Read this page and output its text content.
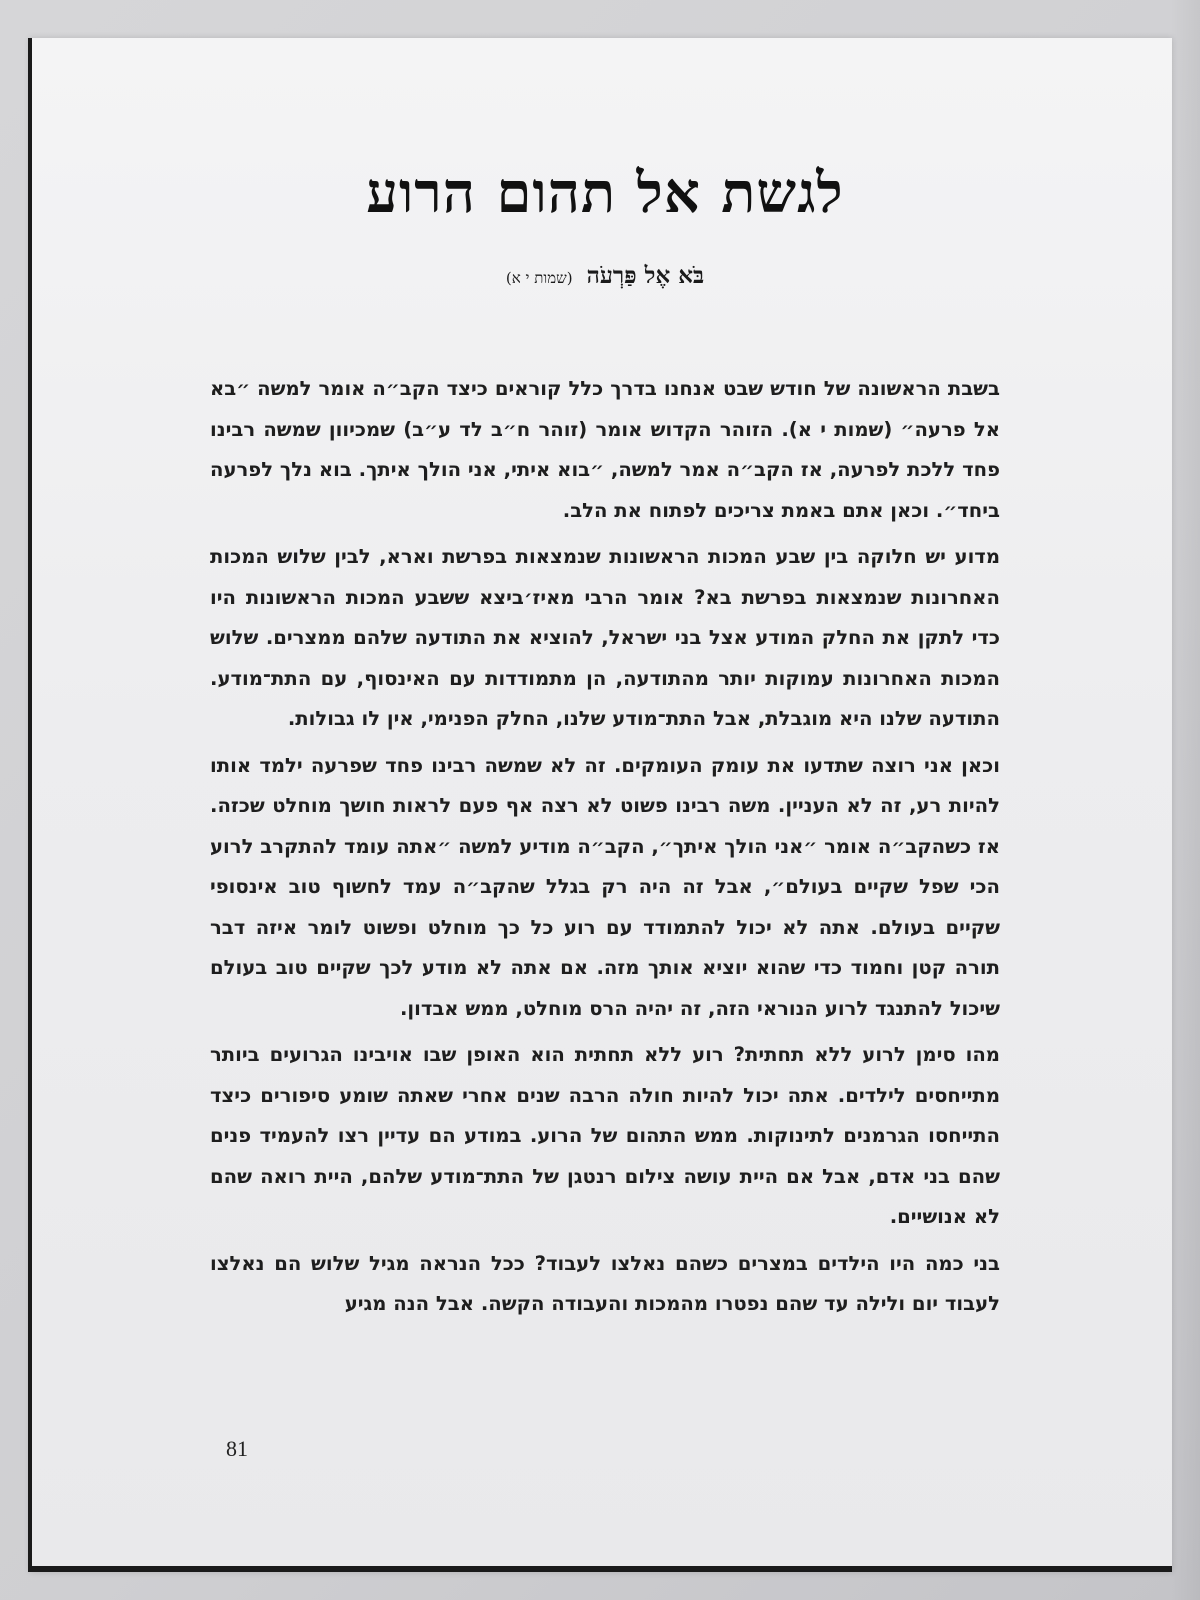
לגשת אל תהום הרוע
בֹּא אֶל פַּרְעֹה (שמות י א)

בשבת הראשונה של חודש שבט אנחנו בדרך כלל קוראים כיצד הקב״ה אומר למשה ״בא אל פרעה״ (שמות י א). הזוהר הקדוש אומר (זוהר ח״ב לד ע״ב) שמכיוון שמשה רבינו פחד ללכת לפרעה, אז הקב״ה אמר למשה, ״בוא איתי, אני הולך איתך. בוא נלך לפרעה ביחד״. וכאן אתם באמת צריכים לפתוח את הלב.

מדוע יש חלוקה בין שבע המכות הראשונות שנמצאות בפרשת וארא, לבין שלוש המכות האחרונות שנמצאות בפרשת בא? אומר הרבי מאיז׳ביצא ששבע המכות הראשונות היו כדי לתקן את החלק המודע אצל בני ישראל, להוציא את התודעה שלהם ממצרים. שלוש המכות האחרונות עמוקות יותר מהתודעה, הן מתמודדות עם האינסוף, עם התת־מודע. התודעה שלנו היא מוגבלת, אבל התת־מודע שלנו, החלק הפנימי, אין לו גבולות.

וכאן אני רוצה שתדעו את עומק העומקים. זה לא שמשה רבינו פחד שפרעה ילמד אותו להיות רע, זה לא העניין. משה רבינו פשוט לא רצה אף פעם לראות חושך מוחלט שכזה. אז כשהקב״ה אומר ״אני הולך איתך״, הקב״ה מודיע למשה ״אתה עומד להתקרב לרוע הכי שפל שקיים בעולם״, אבל זה היה רק בגלל שהקב״ה עמד לחשוף טוב אינסופי שקיים בעולם. אתה לא יכול להתמודד עם רוע כל כך מוחלט ופשוט לומר איזה דבר תורה קטן וחמוד כדי שהוא יוציא אותך מזה. אם אתה לא מודע לכך שקיים טוב בעולם שיכול להתנגד לרוע הנוראי הזה, זה יהיה הרס מוחלט, ממש אבדון.

מהו סימן לרוע ללא תחתית? רוע ללא תחתית הוא האופן שבו אויבינו הגרועים ביותר מתייחסים לילדים. אתה יכול להיות חולה הרבה שנים אחרי שאתה שומע סיפורים כיצד התייחסו הגרמנים לתינוקות. ממש התהום של הרוע. במודע הם עדיין רצו להעמיד פנים שהם בני אדם, אבל אם היית עושה צילום רנטגן של התת־מודע שלהם, היית רואה שהם לא אנושיים.

בני כמה היו הילדים במצרים כשהם נאלצו לעבוד? ככל הנראה מגיל שלוש הם נאלצו לעבוד יום ולילה עד שהם נפטרו מהמכות והעבודה הקשה. אבל הנה מגיע

81
